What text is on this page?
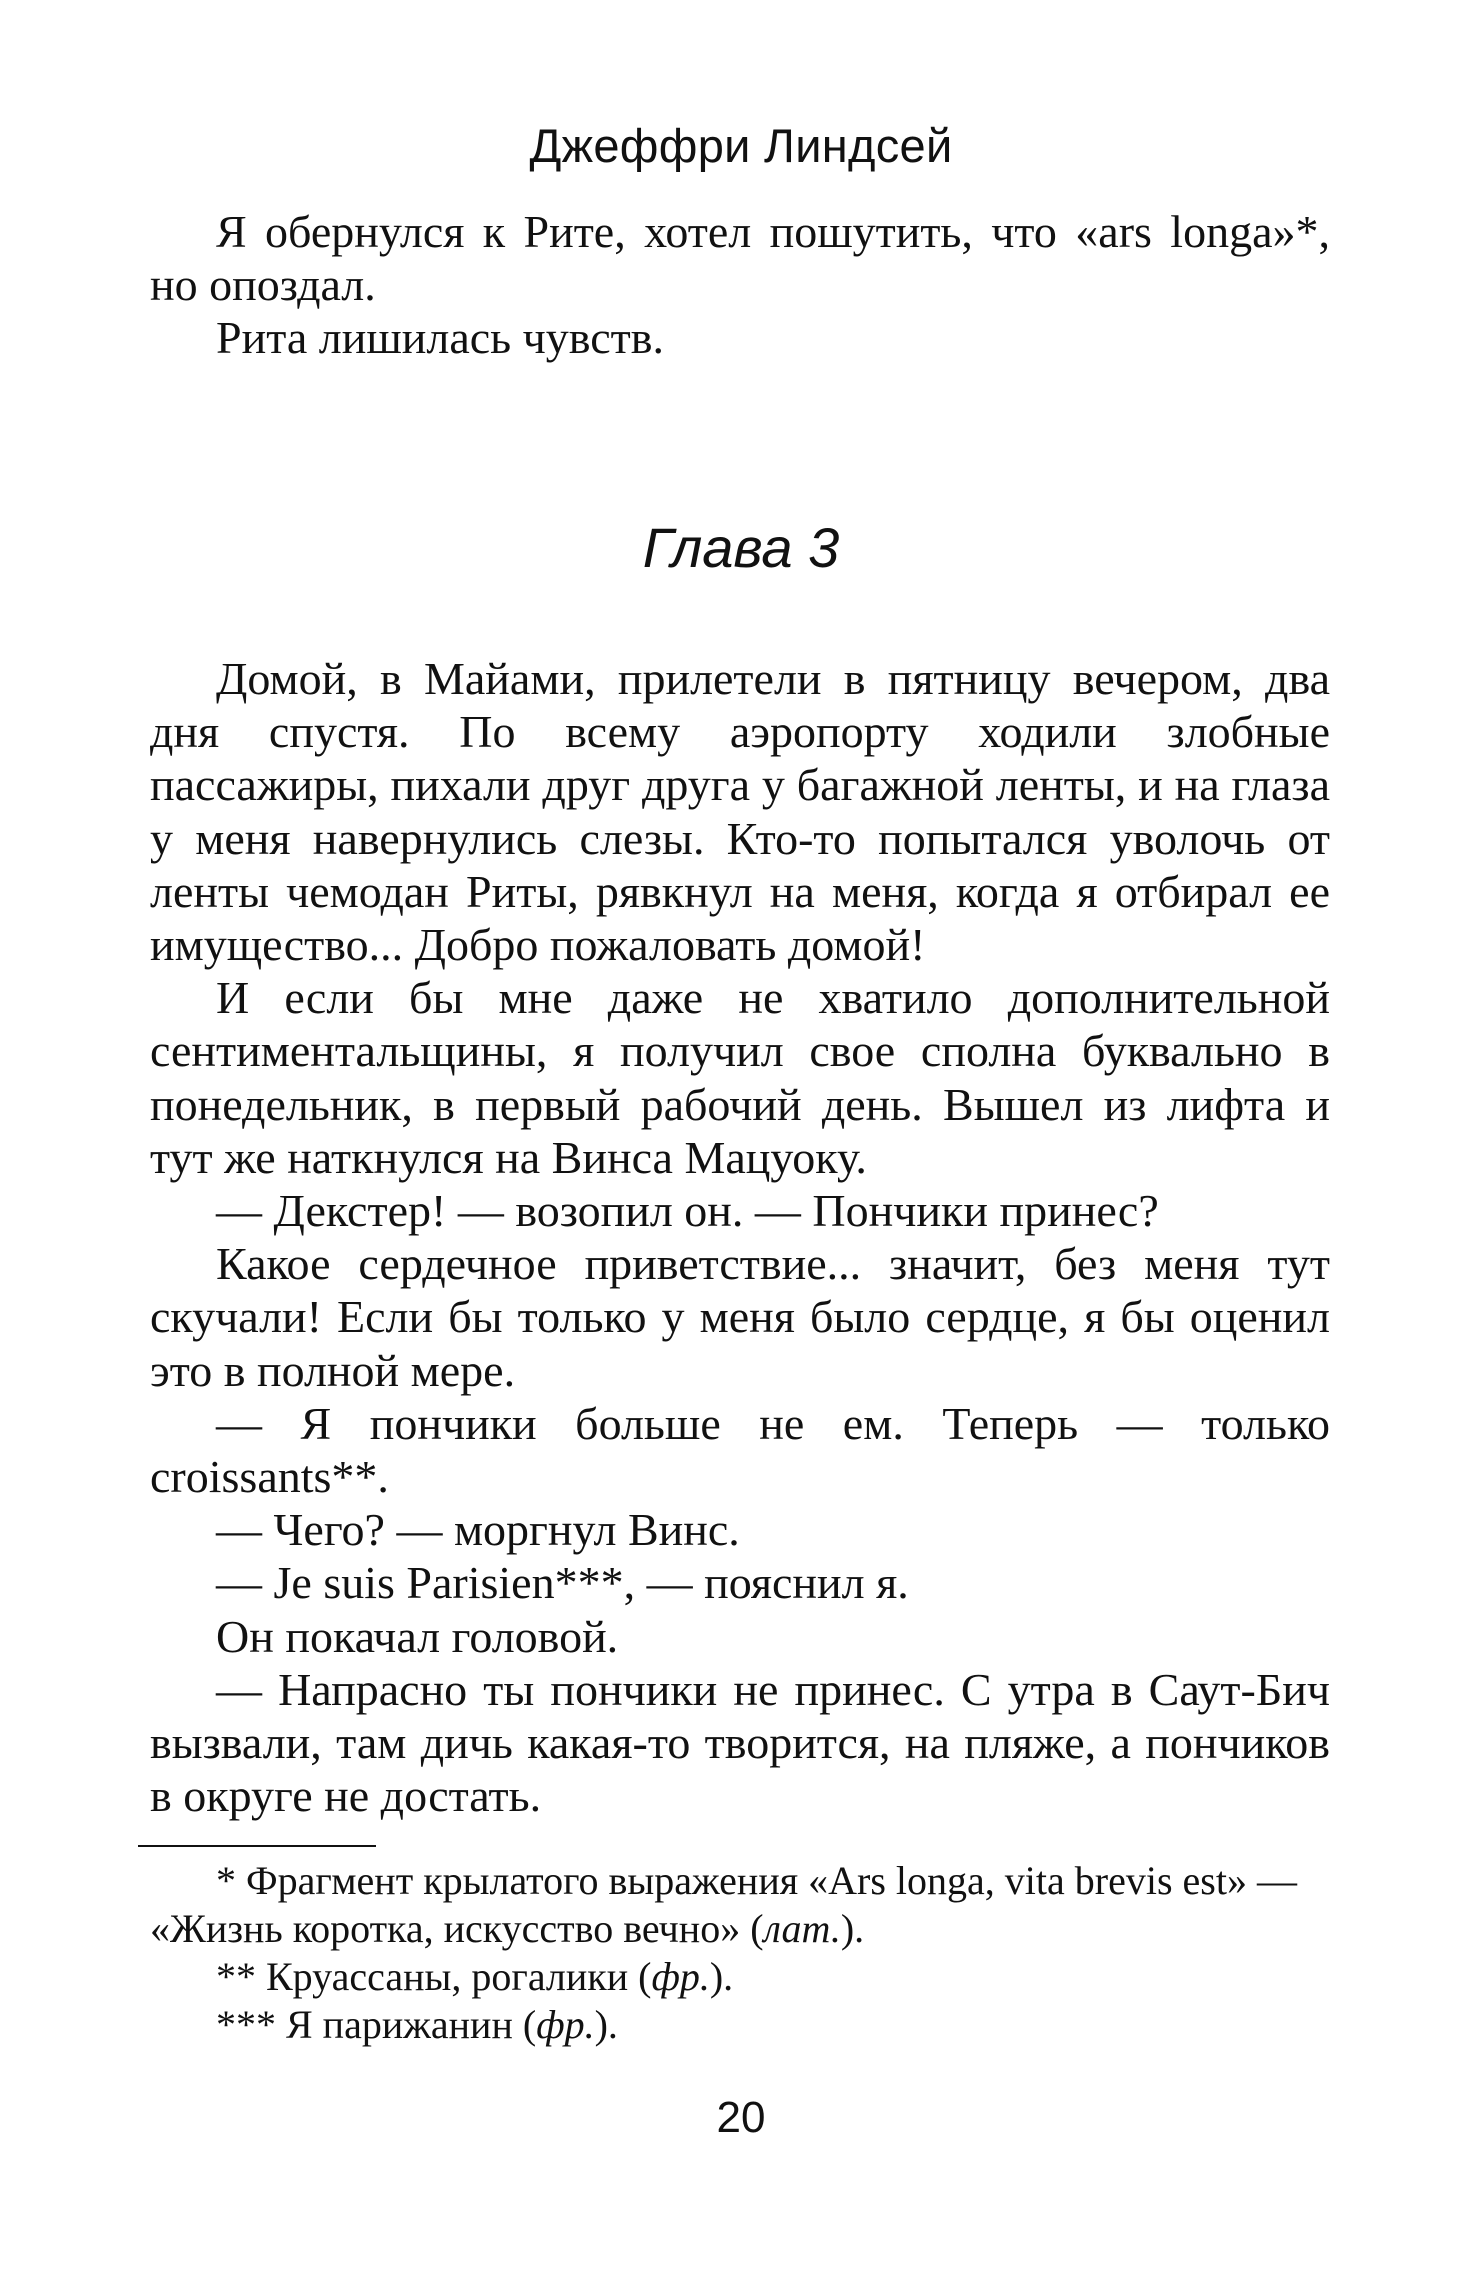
Джеффри Линдсей

Я обернулся к Рите, хотел пошутить, что «ars longa»*, но опоздал.

Рита лишилась чувств.

Глава 3

Домой, в Майами, прилетели в пятницу вечером, два дня спустя. По всему аэропорту ходили злобные пассажиры, пихали друг друга у багажной ленты, и на глаза у меня навернулись слезы. Кто-то попытался уволочь от ленты чемодан Риты, рявкнул на меня, когда я отбирал ее имущество... Добро пожаловать домой!

И если бы мне даже не хватило дополнительной сентиментальщины, я получил свое сполна буквально в понедельник, в первый рабочий день. Вышел из лифта и тут же наткнулся на Винса Мацуоку.

— Декстер! — возопил он. — Пончики принес?

Какое сердечное приветствие... значит, без меня тут скучали! Если бы только у меня было сердце, я бы оценил это в полной мере.

— Я пончики больше не ем. Теперь — только croissants**.

— Чего? — моргнул Винс.

— Je suis Parisien***, — пояснил я.

Он покачал головой.

— Напрасно ты пончики не принес. С утра в Саут-Бич вызвали, там дичь какая-то творится, на пляже, а пончиков в округе не достать.

* Фрагмент крылатого выражения «Ars longa, vita brevis est» —

«Жизнь коротка, искусство вечно» (лат.).

** Круассаны, рогалики (фр.).

*** Я парижанин (фр.).

20
